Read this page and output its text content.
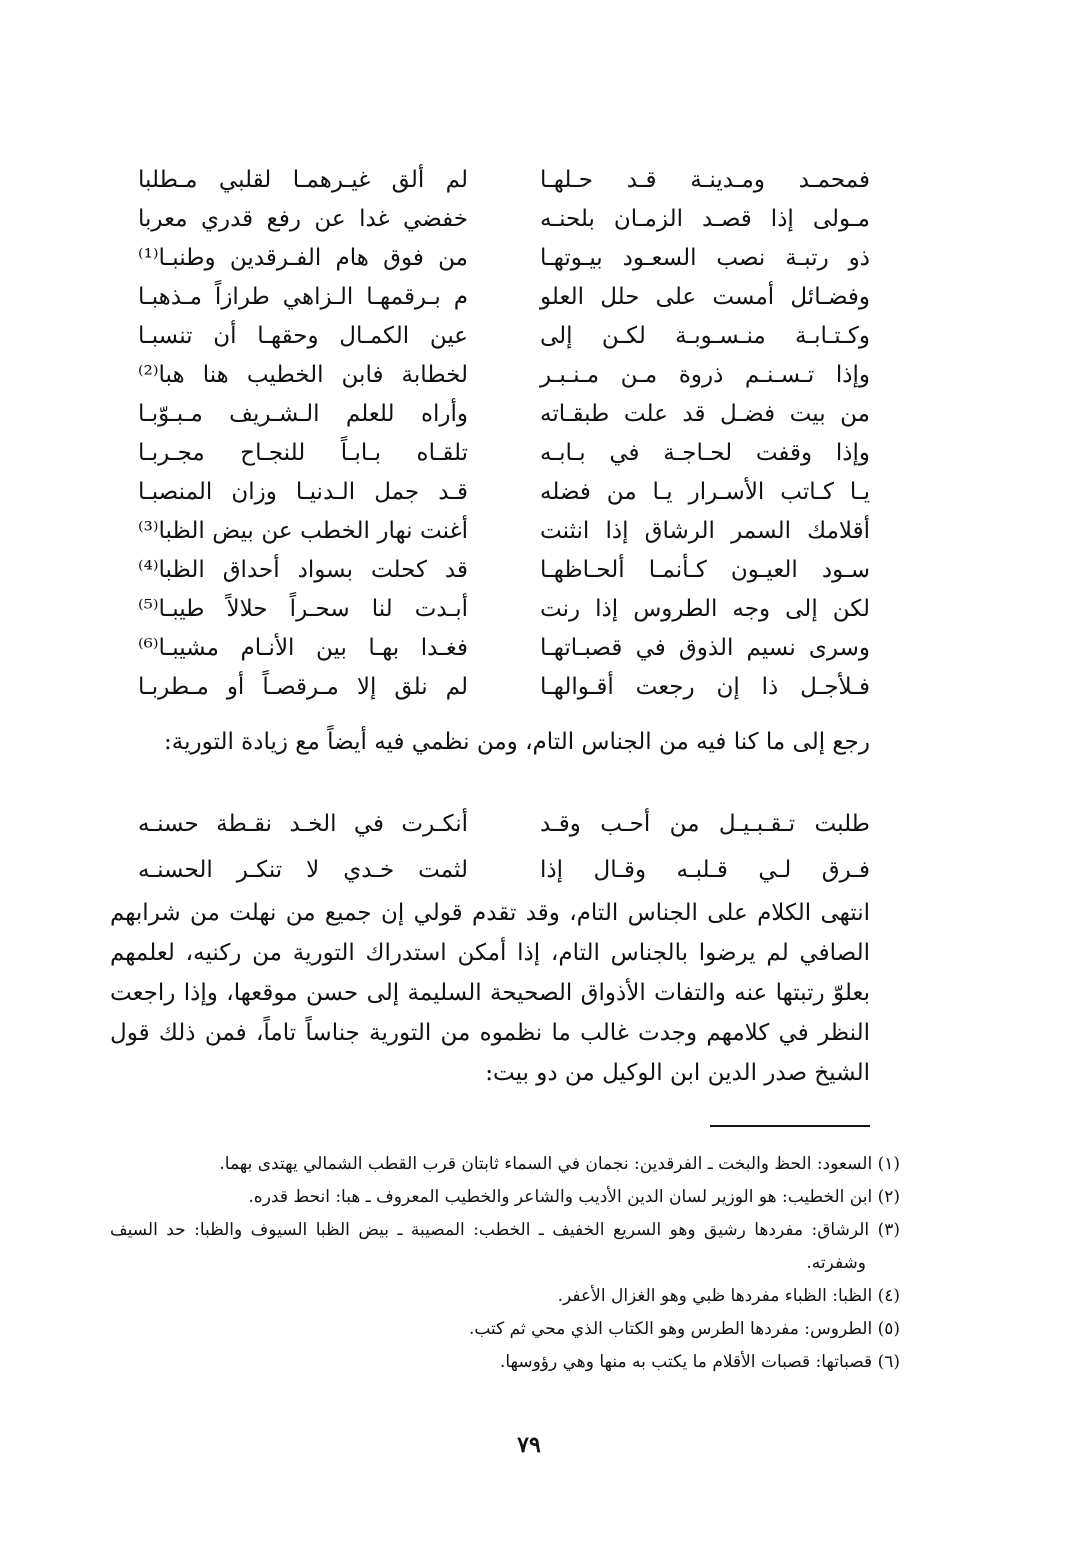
فمحمـد ومـدينـة قـد حـلهـا
لم ألق غيـرهمـا لقلبي مـطلبا
مـولى إذا قصـد الزمـان بلحنـه
خفضي غدا عن رفع قدري معربا
ذو رتبـة نصب السعـود بيـوتهـا
من فوق هام الفـرقدين وطنبـا⁽¹⁾
وفضـائل أمست على حلل العلو
م بـرقمهـا الـزاهي طرازاً مـذهبـا
وكـتـابـة منـسـوبـة لكـن إلى
عين الكمـال وحقهـا أن تنسبـا
وإذا تـسـنـم ذروة مـن مـنـبـر
لخطابة فابن الخطيب هنا هبا⁽²⁾
من بيت فضـل قد علت طبقـاته
وأراه للعلم الـشـريف مـبـوّبـا
وإذا وقفت لحـاجـة في بـابـه
تلقـاه بـابـاً للنجـاح مجـربـا
يـا كـاتب الأسـرار يـا من فضله
قـد جمل الـدنيـا وزان المنصبـا
أقلامك السمر الرشاق إذا انثنت
أغنت نهار الخطب عن بيض الظبا⁽³⁾
سـود العيـون كـأنمـا ألحـاظهـا
قد كحلت بسواد أحداق الظبا⁽⁴⁾
لكن إلى وجه الطروس إذا رنت
أبـدت لنا سحـراً حلالاً طيبـا⁽⁵⁾
وسرى نسيم الذوق في قصبـاتهـا
فغـدا بهـا بين الأنـام مشيبـا⁽⁶⁾
فـلأجـل ذا إن رجعت أقـوالهـا
لم نلق إلا مـرقصـاً أو مـطربـا

رجع إلى ما كنا فيه من الجناس التام، ومن نظمي فيه أيضاً مع زيادة التورية:

طلبت تـقـبـيـل من أحـب وقـد
أنكـرت في الخـد نقـطة حسنـه
فـرق لـي قـلبـه وقـال إذا
لثمت خـدي لا تنكـر الحسنـه

انتهى الكلام على الجناس التام، وقد تقدم قولي إن جميع من نهلت من شرابهم الصافي لم يرضوا بالجناس التام، إذا أمكن استدراك التورية من ركنيه، لعلمهم بعلوّ رتبتها عنه والتفات الأذواق الصحيحة السليمة إلى حسن موقعها، وإذا راجعت النظر في كلامهم وجدت غالب ما نظموه من التورية جناساً تاماً، فمن ذلك قول الشيخ صدر الدين ابن الوكيل من دو بيت:

(١) السعود: الحظ والبخت ـ الفرقدين: نجمان في السماء ثابتان قرب القطب الشمالي يهتدى بهما.
(٢) ابن الخطيب: هو الوزير لسان الدين الأديب والشاعر والخطيب المعروف ـ هبا: انحط قدره.
(٣) الرشاق: مفردها رشيق وهو السريع الخفيف ـ الخطب: المصيبة ـ بيض الظبا السيوف والظبا: حد السيف وشفرته.
(٤) الظبا: الظباء مفردها ظبي وهو الغزال الأعفر.
(٥) الطروس: مفردها الطرس وهو الكتاب الذي محي ثم كتب.
(٦) قصباتها: قصبات الأقلام ما يكتب به منها وهي رؤوسها.
٧٩
